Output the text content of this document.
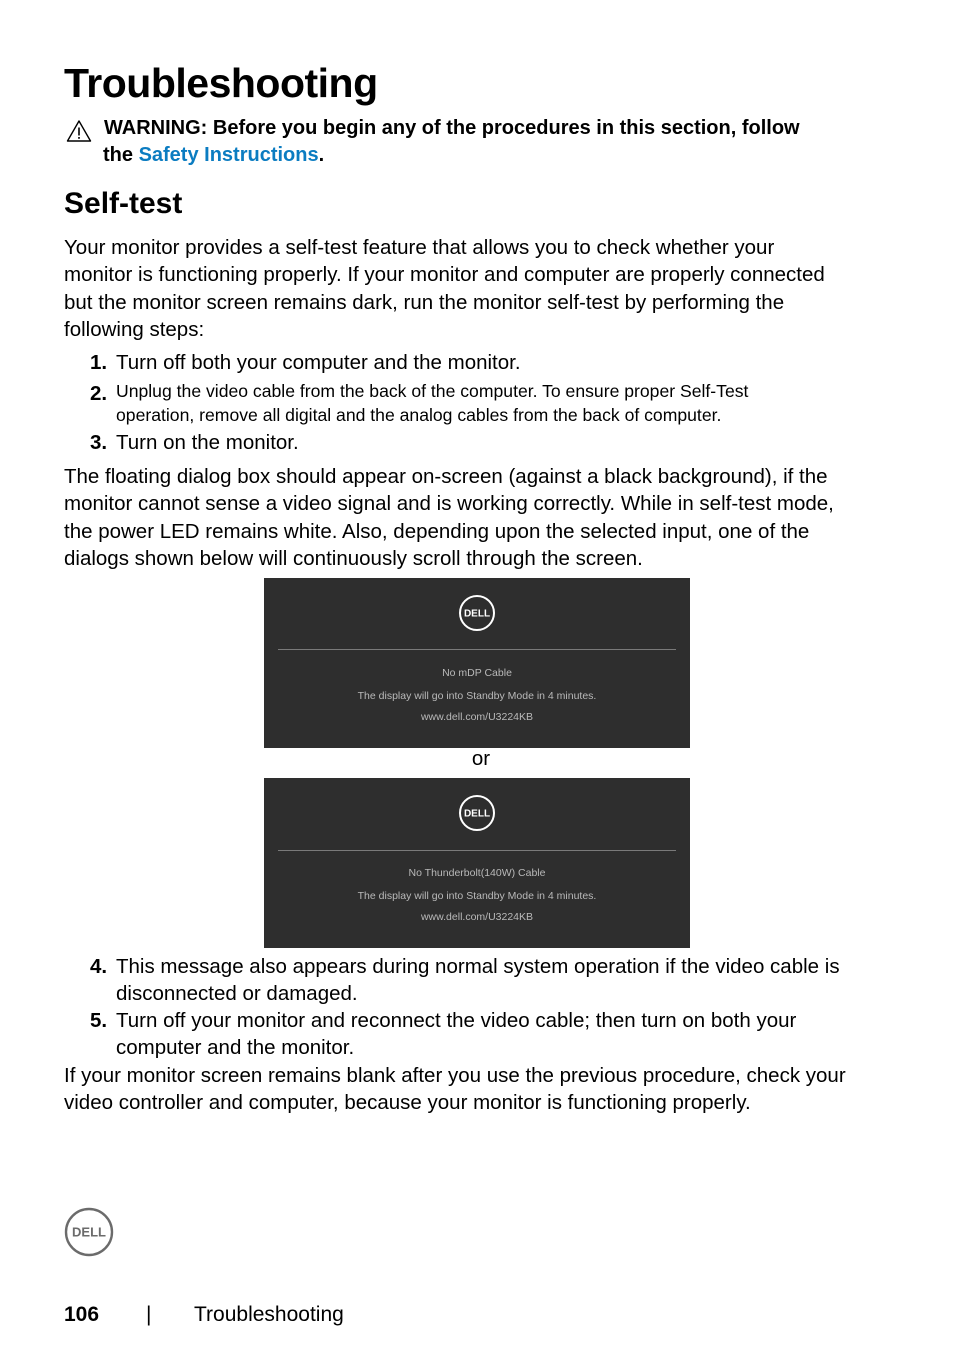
Troubleshooting
WARNING: Before you begin any of the procedures in this section, follow
the Safety Instructions.
Self-test
Your monitor provides a self-test feature that allows you to check whether your
monitor is functioning properly. If your monitor and computer are properly connected
but the monitor screen remains dark, run the monitor self-test by performing the
following steps:
1. Turn off both your computer and the monitor.
2. Unplug the video cable from the back of the computer. To ensure proper Self-Test
operation, remove all digital and the analog cables from the back of computer.
3. Turn on the monitor.
The floating dialog box should appear on-screen (against a black background), if the
monitor cannot sense a video signal and is working correctly. While in self-test mode,
the power LED remains white. Also, depending upon the selected input, one of the
dialogs shown below will continuously scroll through the screen.
DELL
No mDP Cable
The display will go into Standby Mode in 4 minutes.
www.dell.com/U3224KB
or
DELL
No Thunderbolt(140W) Cable
The display will go into Standby Mode in 4 minutes.
www.dell.com/U3224KB
4. This message also appears during normal system operation if the video cable is
disconnected or damaged.
5. Turn off your monitor and reconnect the video cable; then turn on both your
computer and the monitor.
If your monitor screen remains blank after you use the previous procedure, check your
video controller and computer, because your monitor is functioning properly.
DELL
106 | Troubleshooting
